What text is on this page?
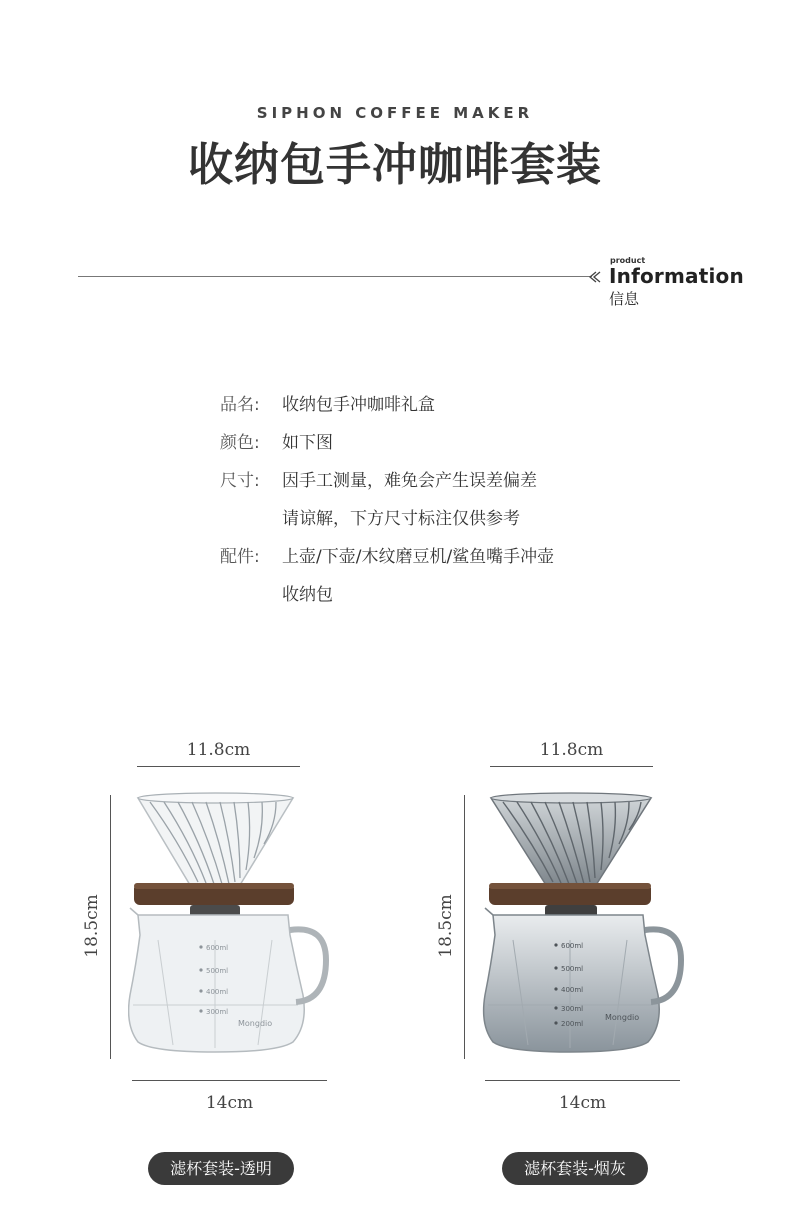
SIPHON COFFEE MAKER
收纳包手冲咖啡套装
product
Information
信息
品名: 收纳包手冲咖啡礼盒
颜色: 如下图
尺寸: 因手工测量，难免会产生误差偏差
请谅解，下方尺寸标注仅供参考
配件: 上壶/下壶/木纹磨豆机/鲨鱼嘴手冲壶
收纳包
11.8cm
18.5cm
14cm
600ml
500ml
400ml
300ml
Mongdio
滤杯套装-透明
11.8cm
18.5cm
14cm
600ml
500ml
400ml
300ml
200ml
Mongdio
滤杯套装-烟灰
